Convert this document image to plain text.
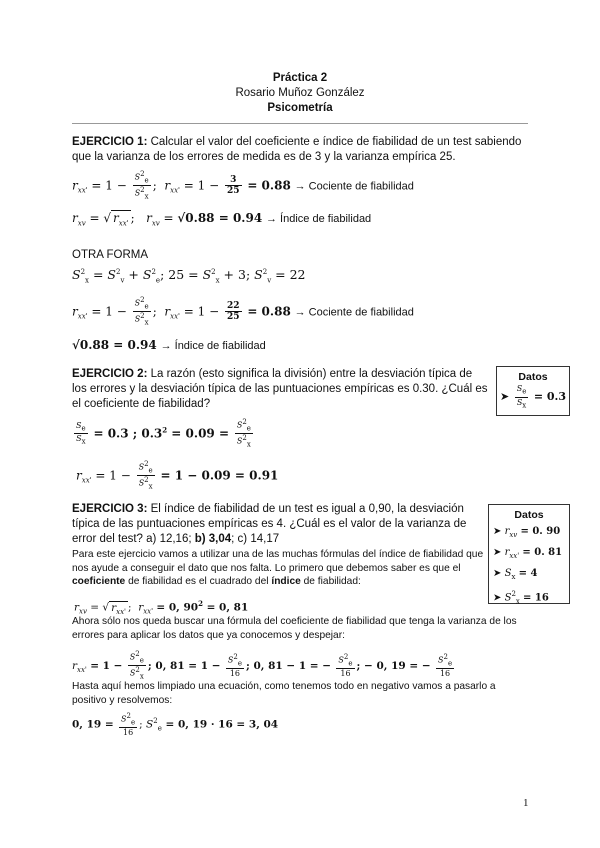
Práctica 2
Rosario Muñoz González
Psicometría
EJERCICIO 1: Calcular el valor del coeficiente e índice de fiabilidad de un test sabiendo que la varianza de los errores de medida es de 3 y la varianza empírica 25.
$r_{xx'} = 1 - \frac{S^2_e}{S^2_x}$ ;  $r_{xx'} = 1 - \frac{3}{25} = 0.88$ → Cociente de fiabilidad
$r_{xv}$ = √ $r_{xx'}$ ;   $r_{xv} = √0.88 = 0.94$ → Índice de fiabilidad
OTRA FORMA
$S^2_x = S^2_v + S^2_e$; $25 = S^2_x + 3$; $S^2_v = 22$
$r_{xx'} = 1 - \frac{S^2_e}{S^2_x}$ ;  $r_{xx'} = 1 - \frac{22}{25} = 0.88$ → Cociente de fiabilidad
√0.88 = 0.94 → Índice de fiabilidad
EJERCICIO 2: La razón (esto significa la división) entre la desviación típica de los errores y la desviación típica de las puntuaciones empíricas es 0.30. ¿Cuál es el coeficiente de fiabilidad?
Datos
➤ $\frac{S_e}{S_x} = 0.3$
$\frac{S_e}{S_x} = 0.3$ ; $0.3^2 = 0.09 = \frac{S^2_e}{S^2_x}$
$r_{xx'} = 1 - \frac{S^2_e}{S^2_x} = 1 - 0.09 = 0.91$
EJERCICIO 3: El índice de fiabilidad de un test es igual a 0,90, la desviación típica de las puntuaciones empíricas es 4. ¿Cuál es el valor de la varianza de error del test? a) 12,16; b) 3,04; c) 14,17
Datos
➤ $r_{xv} = 0$. 90
➤ $r_{xx'} = 0$. 81
➤ $S_x = 4$
➤ $S^2_x = 16$
Para este ejercicio vamos a utilizar una de las muchas fórmulas del índice de fiabilidad que nos ayude a conseguir el dato que nos falta. Lo primero que debemos saber es que el coeficiente de fiabilidad es el cuadrado del índice de fiabilidad:
$r_{xv}$ = √ $r_{xx'}$ ;  $r_{xx'} = 0$, $90^2 = 0$, 81
Ahora sólo nos queda buscar una fórmula del coeficiente de fiabilidad que tenga la varianza de los errores para aplicar los datos que ya conocemos y despejar:
$r_{xx'} = 1 - \frac{S^2_e}{S^2_x}$ ; 0, $81 = 1 - \frac{S^2_e}{16}$ ; 0, 81 − 1 = − $\frac{S^2_e}{16}$ ; − 0, 19 = − $\frac{S^2_e}{16}$
Hasta aquí hemos limpiado una ecuación, como tenemos todo en negativo vamos a pasarlo a positivo y resolvemos:
0, $19 = \frac{S^2_e}{16}$ ; $S^2_e = 0$, 19 · 16 = 3, 04
1
